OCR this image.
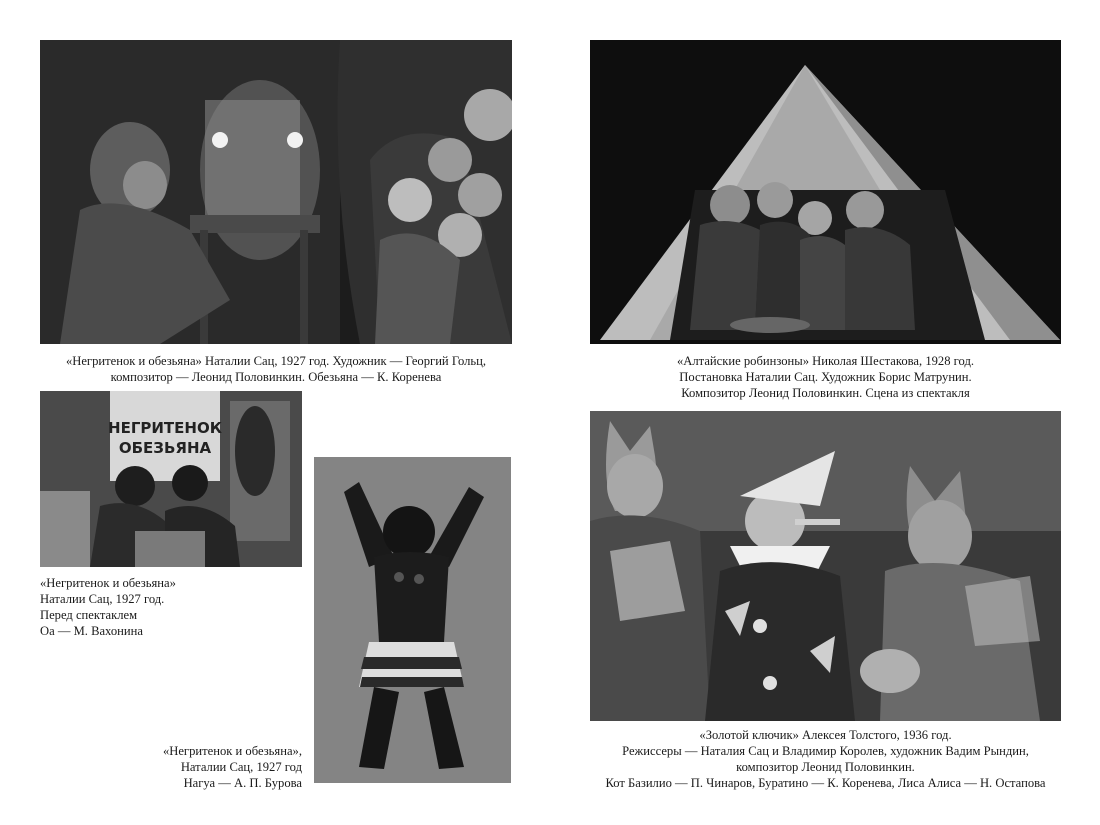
«Негритенок и обезьяна» Наталии Сац, 1927 год. Художник — Георгий Гольц,
композитор — Леонид Половинкин. Обезьяна — К. Коренева
НЕГРИТЕНОК
ОБЕЗЬЯНА
«Негритенок и обезьяна»
Наталии Сац, 1927 год.
Перед спектаклем
Оа — М. Вахонина
«Негритенок и обезьяна»,
Наталии Сац, 1927 год
Нагуа — А. П. Бурова
«Алтайские робинзоны» Николая Шестакова, 1928 год.
Постановка Наталии Сац. Художник Борис Матрунин.
Композитор Леонид Половинкин. Сцена из спектакля
«Золотой ключик» Алексея Толстого, 1936 год.
Режиссеры — Наталия Сац и Владимир Королев, художник Вадим Рындин,
композитор Леонид Половинкин.
Кот Базилио — П. Чинаров, Буратино — К. Коренева, Лиса Алиса — Н. Остапова
